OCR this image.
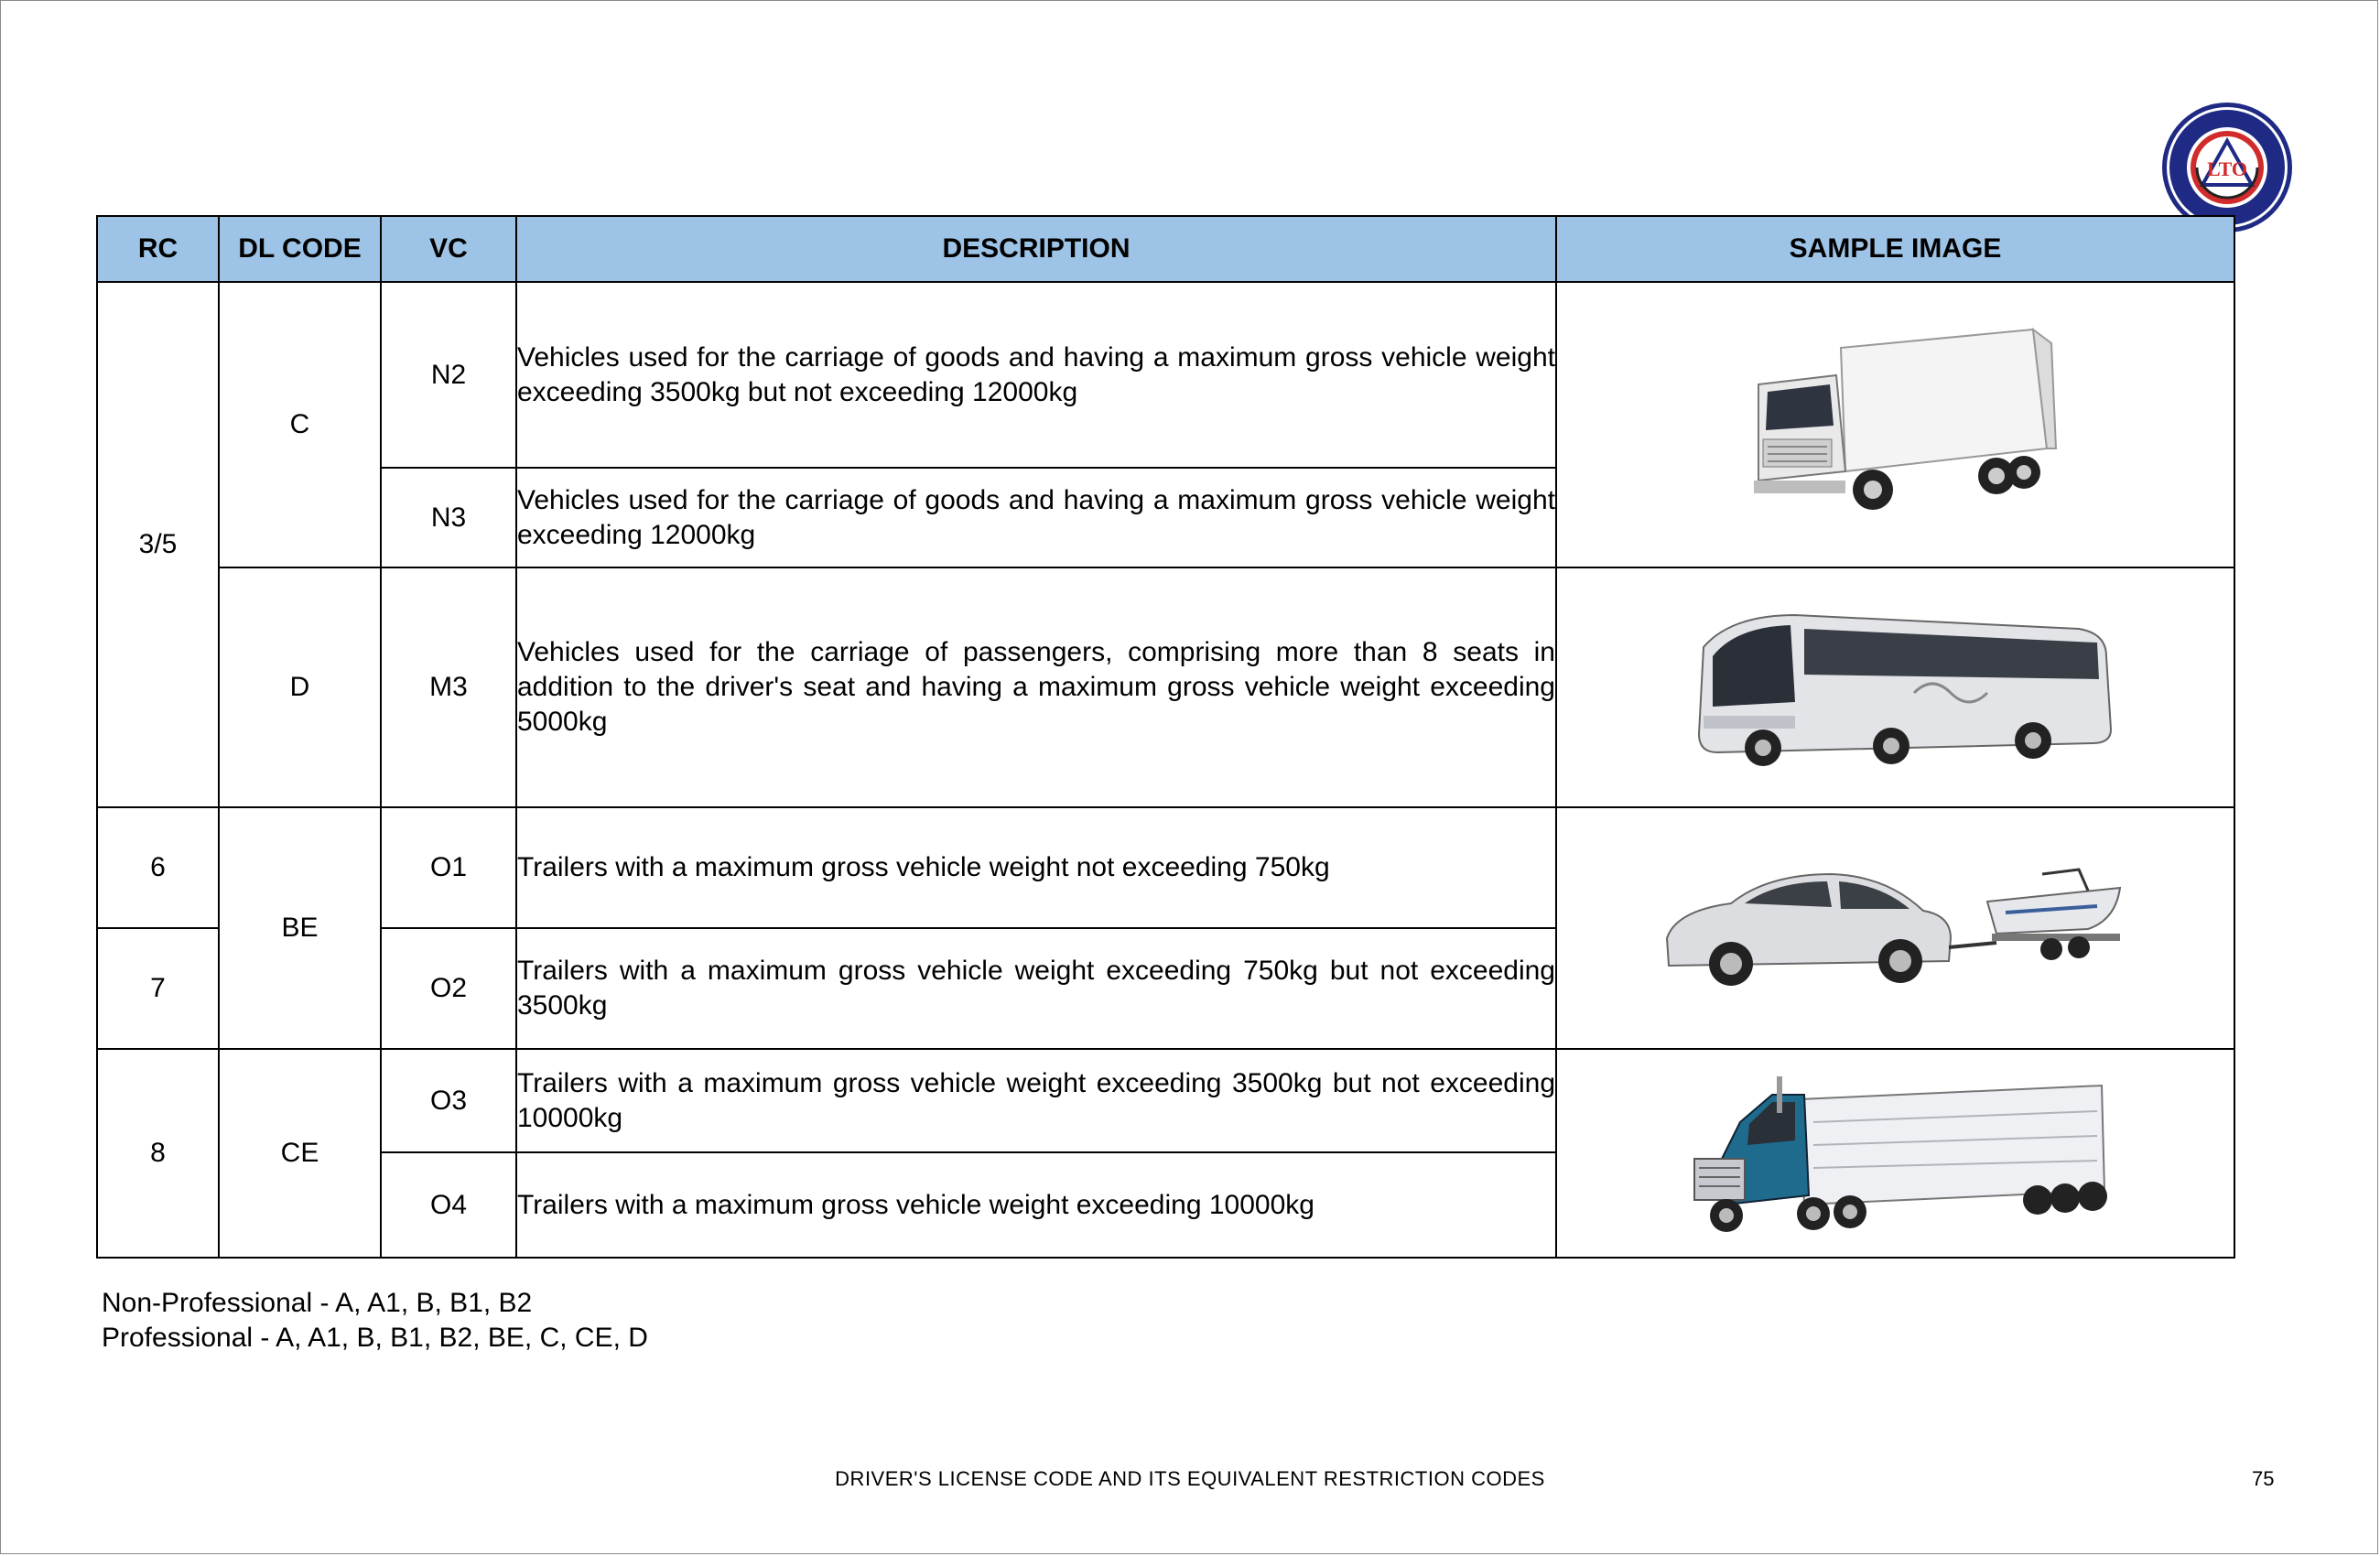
LTO
RC	DL CODE	VC	DESCRIPTION	SAMPLE IMAGE
3/5	C	N2	Vehicles used for the carriage of goods and having a maximum gross vehicle weight exceeding 3500kg but not exceeding 12000kg	
		N3	Vehicles used for the carriage of goods and having a maximum gross vehicle weight exceeding 12000kg	
	D	M3	Vehicles used for the carriage of passengers, comprising more than 8 seats in addition to the driver's seat and having a maximum gross vehicle weight exceeding 5000kg	
6	BE	O1	Trailers with a maximum gross vehicle weight not exceeding 750kg	
7		O2	Trailers with a maximum gross vehicle weight exceeding 750kg but not exceeding 3500kg	
8	CE	O3	Trailers with a maximum gross vehicle weight exceeding 3500kg but not exceeding 10000kg	
		O4	Trailers with a maximum gross vehicle weight exceeding 10000kg	
Non-Professional - A, A1, B, B1, B2
Professional - A, A1, B, B1, B2, BE, C, CE, D
DRIVER'S LICENSE CODE AND ITS EQUIVALENT RESTRICTION CODES	75
